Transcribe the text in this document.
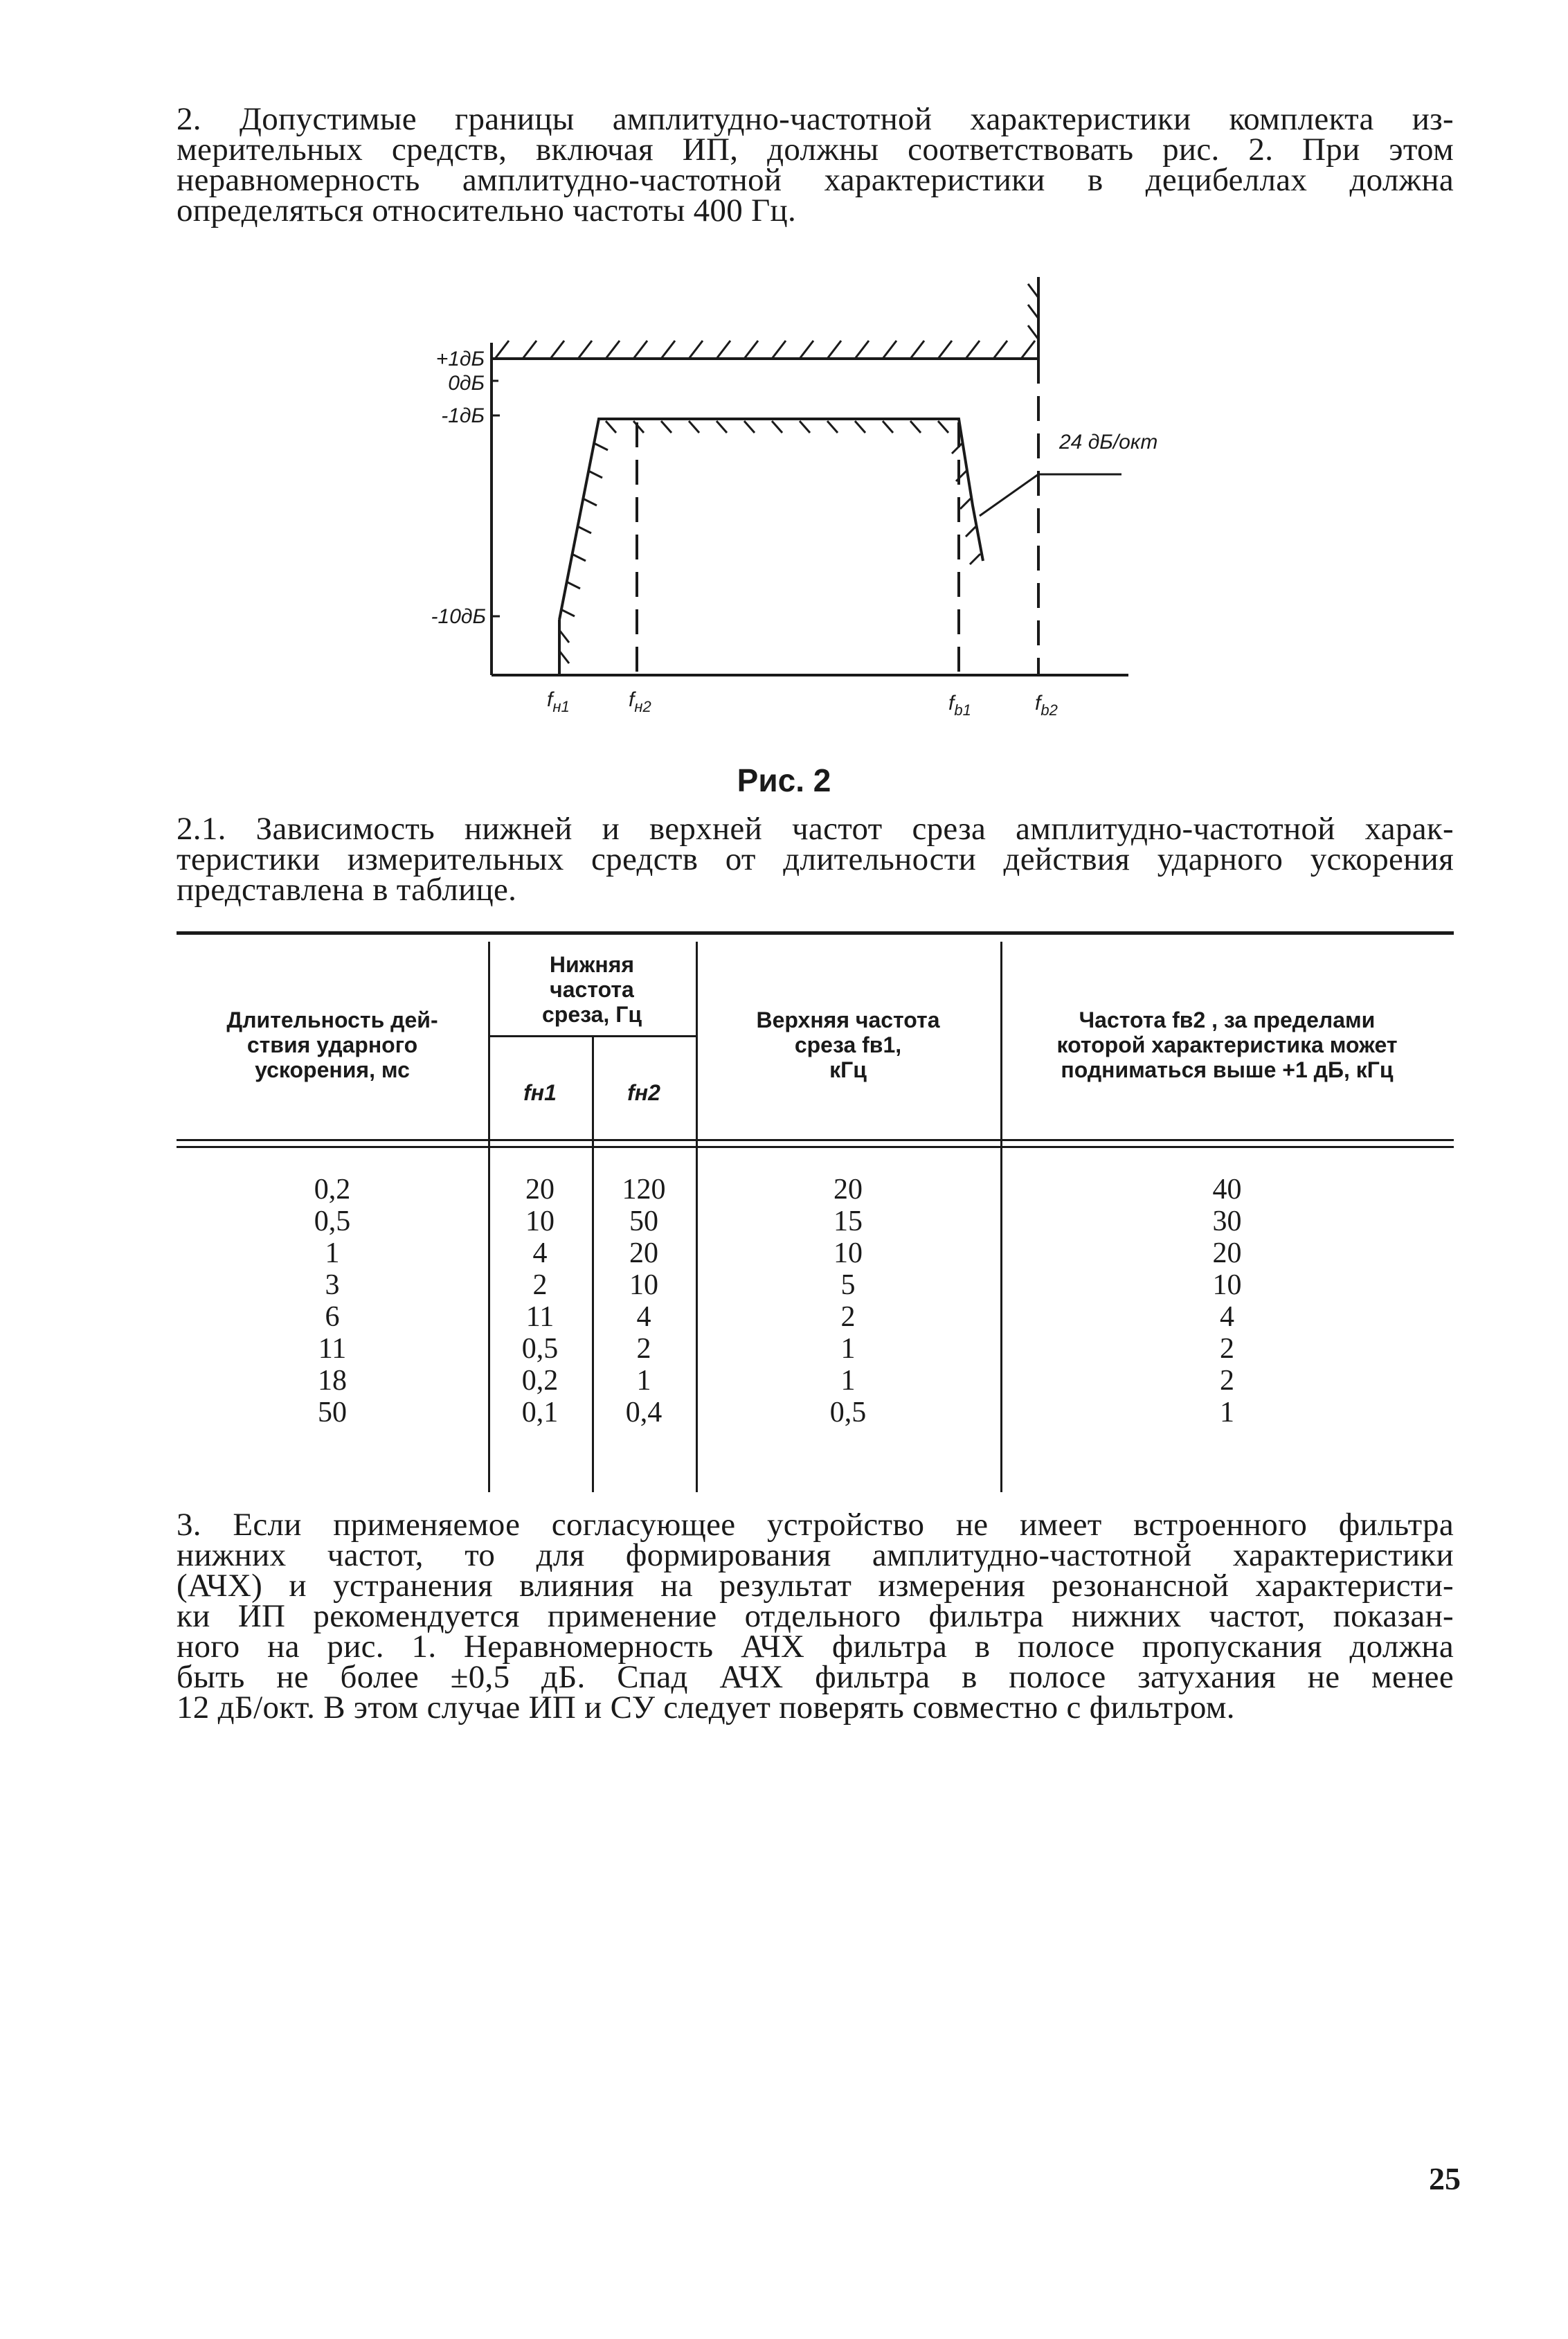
2. Допустимые границы амплитудно-частотной характеристики комплекта из-
мерительных средств, включая ИП, должны соответствовать рис. 2. При этом
неравномерность амплитудно-частотной характеристики в децибеллах должна
определяться относительно частоты 400 Гц.
+1дБ
0дБ
-1дБ
-10дБ
24 дБ/окт
$f_{н1}$	$f_{н2}$	$f_{b1}$	$f_{b2}$
Рис. 2
2.1. Зависимость нижней и верхней частот среза амплитудно-частотной харак-
теристики измерительных средств от длительности действия ударного ускорения
представлена в таблице.
Длительность дей-
ствия ударного
ускорения, мс
Нижняя
частота
среза, Гц
fн1	fн2
Верхняя частота
среза fв1,
кГц
Частота fв2 , за пределами
которой характеристика может
подниматься выше +1 дБ, кГц
0,2	20	120	20	40
0,5	10	50	15	30
1	4	20	10	20
3	2	10	5	10
6	11	4	2	4
11	0,5	2	1	2
18	0,2	1	1	2
50	0,1	0,4	0,5	1
3. Если применяемое согласующее устройство не имеет встроенного фильтра
нижних частот, то для формирования амплитудно-частотной характеристики
(АЧХ) и устранения влияния на результат измерения резонансной характеристи-
ки ИП рекомендуется применение отдельного фильтра нижних частот, показан-
ного на рис. 1. Неравномерность АЧХ фильтра в полосе пропускания должна
быть не более ±0,5 дБ. Спад АЧХ фильтра в полосе затухания не менее
12 дБ/окт. В этом случае ИП и СУ следует поверять совместно с фильтром.
25
